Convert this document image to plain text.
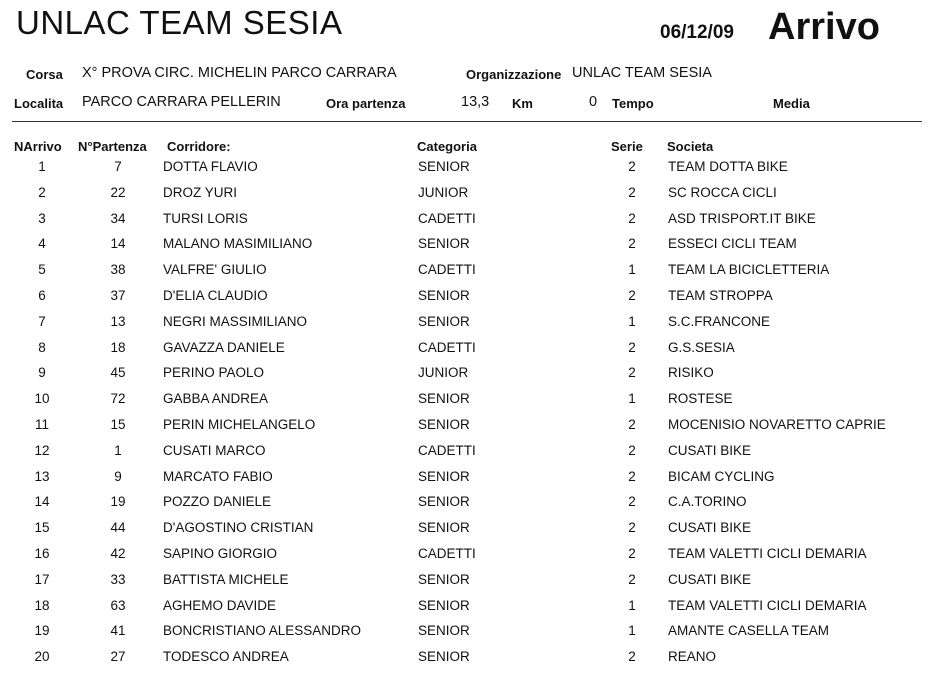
UNLAC TEAM SESIA	06/12/09 Arrivo
Corsa X° PROVA CIRC. MICHELIN PARCO CARRARA	Organizzazione UNLAC TEAM SESIA
Localita PARCO CARRARA PELLERIN	Ora partenza	13,3 Km	0 Tempo	Media
NArrivo N°Partenza Corridore:	Categoria	Serie Societa
1	7	DOTTA FLAVIO	SENIOR	2	TEAM DOTTA BIKE
2	22	DROZ YURI	JUNIOR	2	SC ROCCA CICLI
3	34	TURSI LORIS	CADETTI	2	ASD TRISPORT.IT BIKE
4	14	MALANO MASIMILIANO	SENIOR	2	ESSECI CICLI TEAM
5	38	VALFRE' GIULIO	CADETTI	1	TEAM LA BICICLETTERIA
6	37	D'ELIA CLAUDIO	SENIOR	2	TEAM STROPPA
7	13	NEGRI MASSIMILIANO	SENIOR	1	S.C.FRANCONE
8	18	GAVAZZA DANIELE	CADETTI	2	G.S.SESIA
9	45	PERINO PAOLO	JUNIOR	2	RISIKO
10	72	GABBA ANDREA	SENIOR	1	ROSTESE
11	15	PERIN MICHELANGELO	SENIOR	2	MOCENISIO NOVARETTO CAPRIE
12	1	CUSATI MARCO	CADETTI	2	CUSATI BIKE
13	9	MARCATO FABIO	SENIOR	2	BICAM CYCLING
14	19	POZZO DANIELE	SENIOR	2	C.A.TORINO
15	44	D'AGOSTINO CRISTIAN	SENIOR	2	CUSATI BIKE
16	42	SAPINO GIORGIO	CADETTI	2	TEAM VALETTI CICLI DEMARIA
17	33	BATTISTA MICHELE	SENIOR	2	CUSATI BIKE
18	63	AGHEMO DAVIDE	SENIOR	1	TEAM VALETTI CICLI DEMARIA
19	41	BONCRISTIANO ALESSANDRO	SENIOR	1	AMANTE CASELLA TEAM
20	27	TODESCO ANDREA	SENIOR	2	REANO
